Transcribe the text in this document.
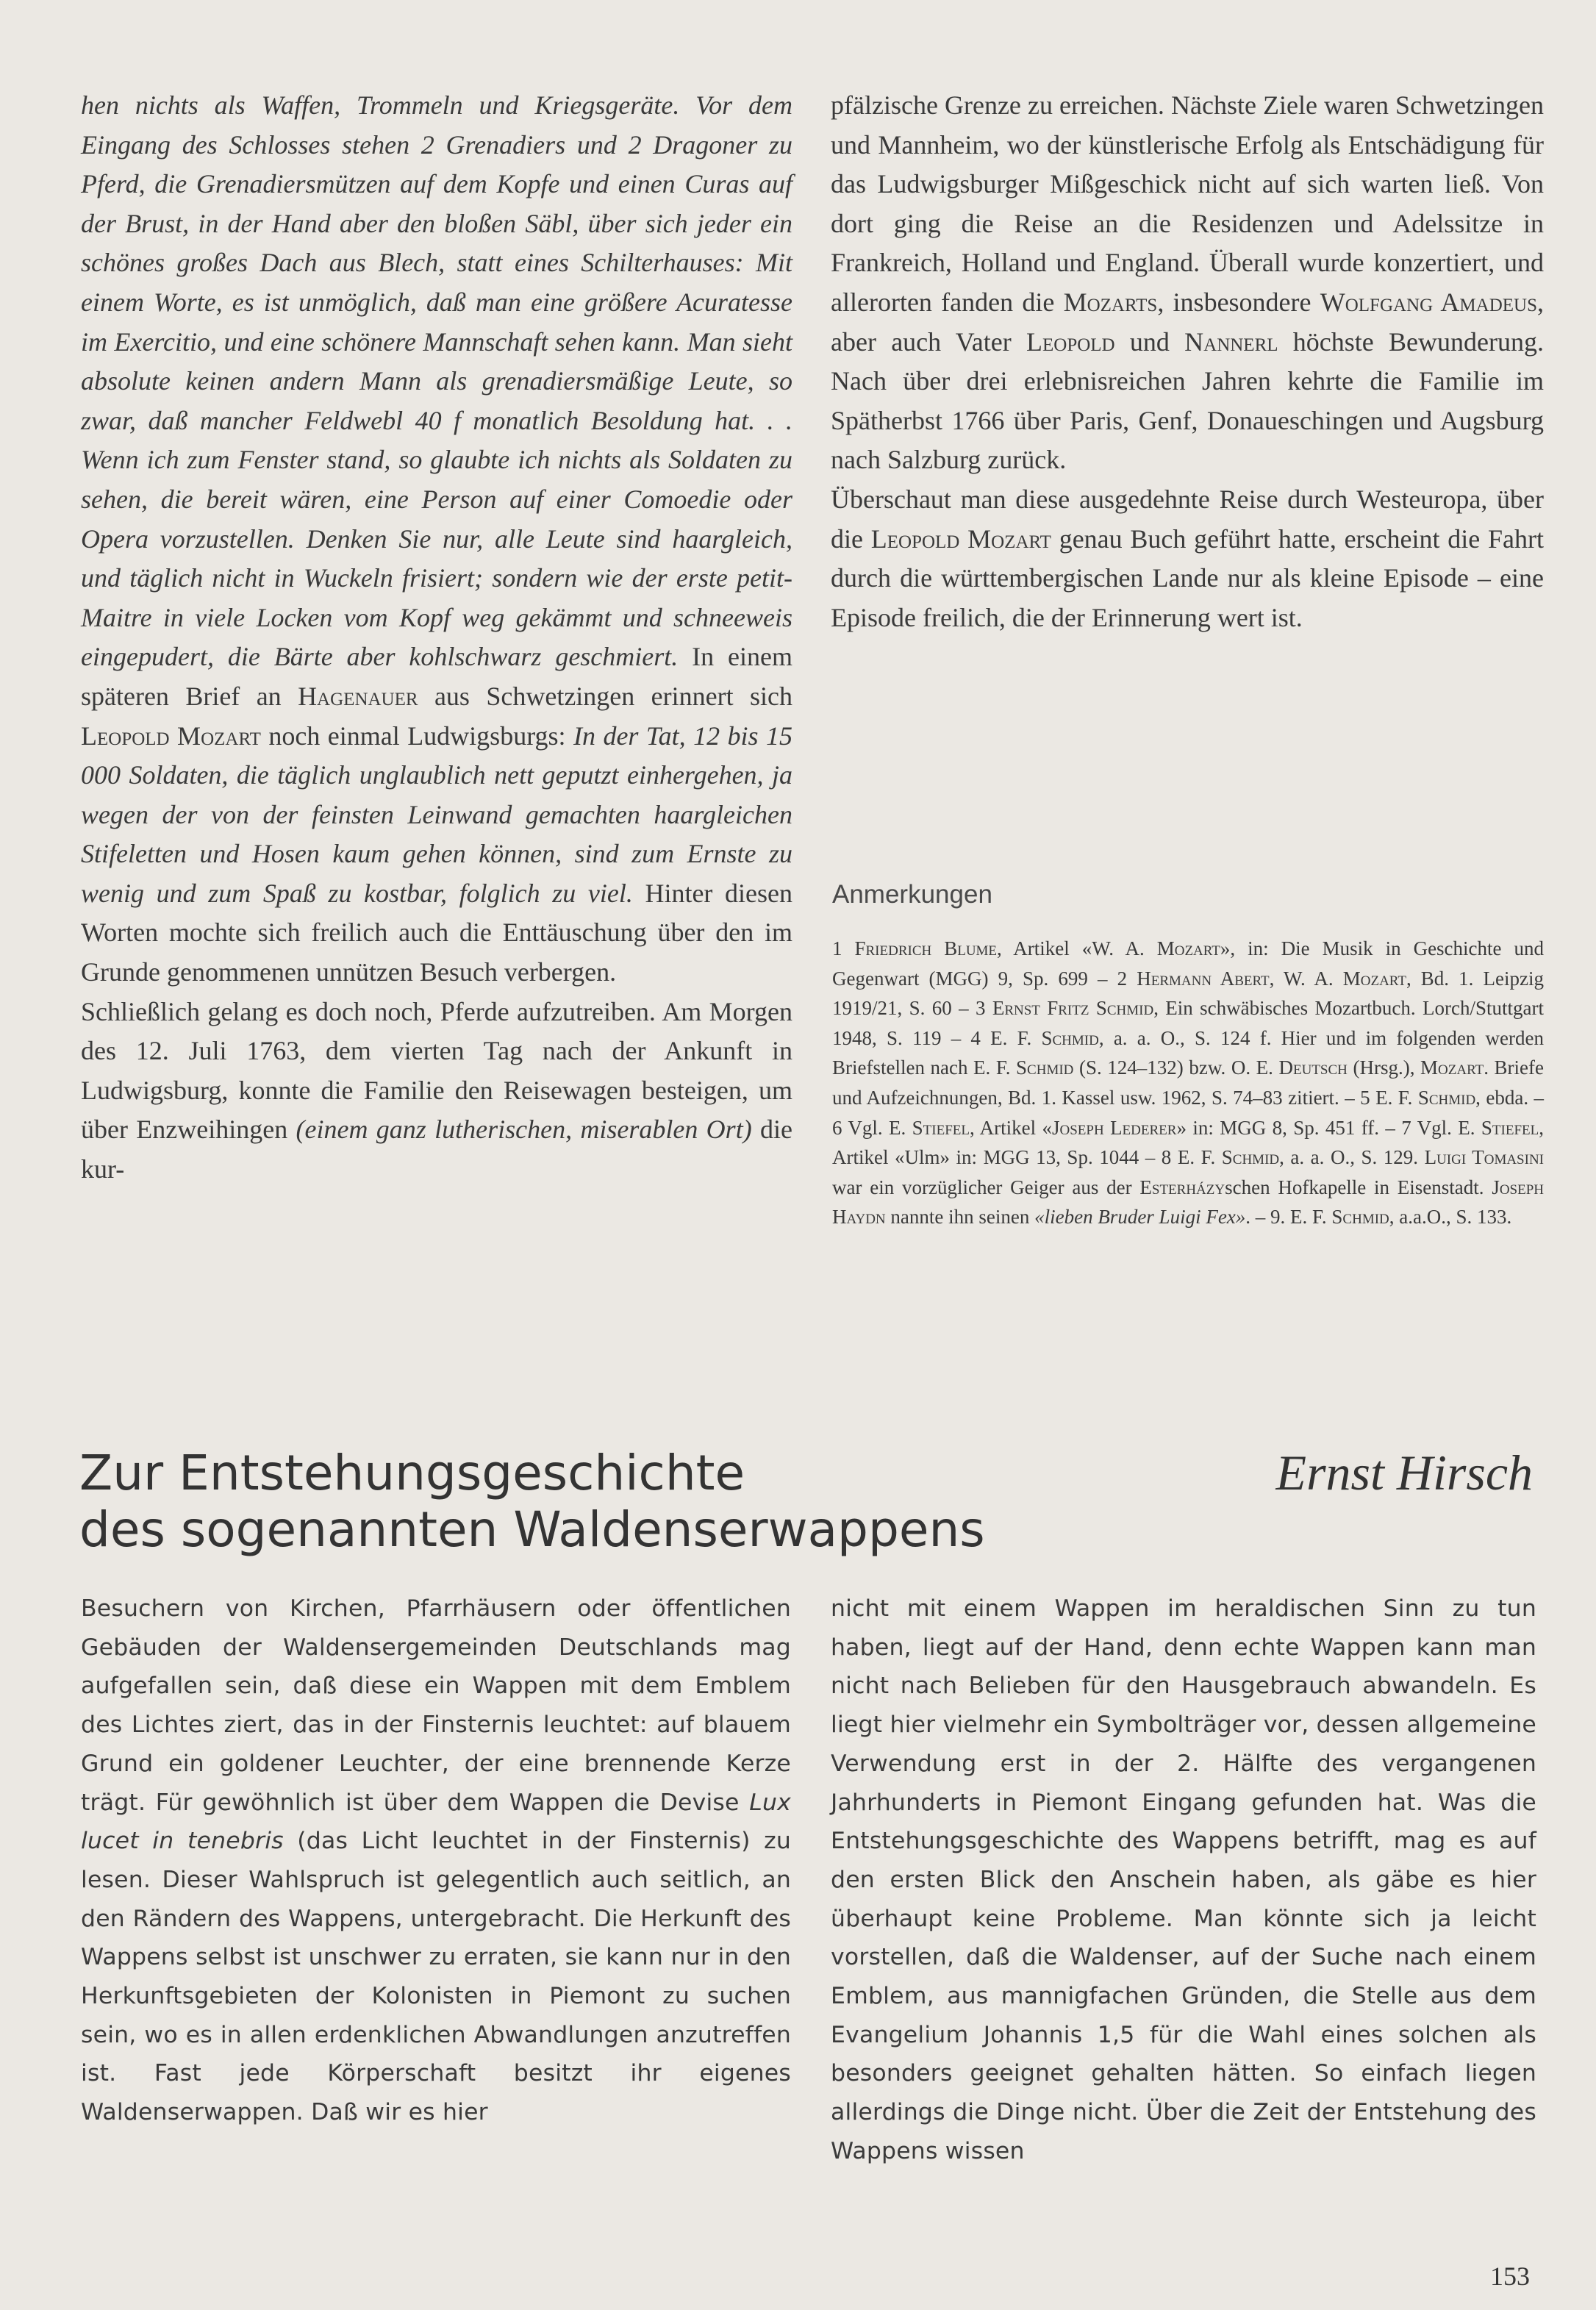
hen nichts als Waffen, Trommeln und Kriegsgeräte. Vor dem Eingang des Schlosses stehen 2 Grenadiers und 2 Dragoner zu Pferd, die Grenadiersmützen auf dem Kopfe und einen Curas auf der Brust, in der Hand aber den bloßen Säbl, über sich jeder ein schönes großes Dach aus Blech, statt eines Schilterhauses: Mit einem Worte, es ist unmöglich, daß man eine größere Acuratesse im Exercitio, und eine schönere Mannschaft sehen kann. Man sieht absolute keinen andern Mann als grenadiersmäßige Leute, so zwar, daß mancher Feldwebl 40 f monatlich Besoldung hat. . . Wenn ich zum Fenster stand, so glaubte ich nichts als Soldaten zu sehen, die bereit wären, eine Person auf einer Comoedie oder Opera vorzustellen. Denken Sie nur, alle Leute sind haargleich, und täglich nicht in Wuckeln frisiert; sondern wie der erste petit-Maitre in viele Locken vom Kopf weg gekämmt und schneeweis eingepudert, die Bärte aber kohlschwarz geschmiert. In einem späteren Brief an Hagenauer aus Schwetzingen erinnert sich Leopold Mozart noch einmal Ludwigsburgs: In der Tat, 12 bis 15 000 Soldaten, die täglich unglaublich nett geputzt einhergehen, ja wegen der von der feinsten Leinwand gemachten haargleichen Stifeletten und Hosen kaum gehen können, sind zum Ernste zu wenig und zum Spaß zu kostbar, folglich zu viel. Hinter diesen Worten mochte sich freilich auch die Enttäuschung über den im Grunde genommenen unnützen Besuch verbergen.

Schließlich gelang es doch noch, Pferde aufzutreiben. Am Morgen des 12. Juli 1763, dem vierten Tag nach der Ankunft in Ludwigsburg, konnte die Familie den Reisewagen besteigen, um über Enzweihingen (einem ganz lutherischen, miserablen Ort) die kur-

pfälzische Grenze zu erreichen. Nächste Ziele waren Schwetzingen und Mannheim, wo der künstlerische Erfolg als Entschädigung für das Ludwigsburger Mißgeschick nicht auf sich warten ließ. Von dort ging die Reise an die Residenzen und Adelssitze in Frankreich, Holland und England. Überall wurde konzertiert, und allerorten fanden die Mozarts, insbesondere Wolfgang Amadeus, aber auch Vater Leopold und Nannerl höchste Bewunderung. Nach über drei erlebnisreichen Jahren kehrte die Familie im Spätherbst 1766 über Paris, Genf, Donaueschingen und Augsburg nach Salzburg zurück.

Überschaut man diese ausgedehnte Reise durch Westeuropa, über die Leopold Mozart genau Buch geführt hatte, erscheint die Fahrt durch die württembergischen Lande nur als kleine Episode – eine Episode freilich, die der Erinnerung wert ist.

Anmerkungen
1 Friedrich Blume, Artikel «W. A. Mozart», in: Die Musik in Geschichte und Gegenwart (MGG) 9, Sp. 699 – 2 Hermann Abert, W. A. Mozart, Bd. 1. Leipzig 1919/21, S. 60 – 3 Ernst Fritz Schmid, Ein schwäbisches Mozartbuch. Lorch/Stuttgart 1948, S. 119 – 4 E. F. Schmid, a. a. O., S. 124 f. Hier und im folgenden werden Briefstellen nach E. F. Schmid (S. 124–132) bzw. O. E. Deutsch (Hrsg.), Mozart. Briefe und Aufzeichnungen, Bd. 1. Kassel usw. 1962, S. 74–83 zitiert. – 5 E. F. Schmid, ebda. – 6 Vgl. E. Stiefel, Artikel «Joseph Lederer» in: MGG 8, Sp. 451 ff. – 7 Vgl. E. Stiefel, Artikel «Ulm» in: MGG 13, Sp. 1044 – 8 E. F. Schmid, a. a. O., S. 129. Luigi Tomasini war ein vorzüglicher Geiger aus der Esterházyschen Hofkapelle in Eisenstadt. Joseph Haydn nannte ihn seinen «lieben Bruder Luigi Fex». – 9. E. F. Schmid, a.a.O., S. 133.
Zur Entstehungsgeschichte
des sogenannten Waldenserwappens
Ernst Hirsch

Besuchern von Kirchen, Pfarrhäusern oder öffentlichen Gebäuden der Waldensergemeinden Deutschlands mag aufgefallen sein, daß diese ein Wappen mit dem Emblem des Lichtes ziert, das in der Finsternis leuchtet: auf blauem Grund ein goldener Leuchter, der eine brennende Kerze trägt. Für gewöhnlich ist über dem Wappen die Devise Lux lucet in tenebris (das Licht leuchtet in der Finsternis) zu lesen. Dieser Wahlspruch ist gelegentlich auch seitlich, an den Rändern des Wappens, untergebracht. Die Herkunft des Wappens selbst ist unschwer zu erraten, sie kann nur in den Herkunftsgebieten der Kolonisten in Piemont zu suchen sein, wo es in allen erdenklichen Abwandlungen anzutreffen ist. Fast jede Körperschaft besitzt ihr eigenes Waldenserwappen. Daß wir es hier

nicht mit einem Wappen im heraldischen Sinn zu tun haben, liegt auf der Hand, denn echte Wappen kann man nicht nach Belieben für den Hausgebrauch abwandeln. Es liegt hier vielmehr ein Symbolträger vor, dessen allgemeine Verwendung erst in der 2. Hälfte des vergangenen Jahrhunderts in Piemont Eingang gefunden hat. Was die Entstehungsgeschichte des Wappens betrifft, mag es auf den ersten Blick den Anschein haben, als gäbe es hier überhaupt keine Probleme. Man könnte sich ja leicht vorstellen, daß die Waldenser, auf der Suche nach einem Emblem, aus mannigfachen Gründen, die Stelle aus dem Evangelium Johannis 1,5 für die Wahl eines solchen als besonders geeignet gehalten hätten. So einfach liegen allerdings die Dinge nicht. Über die Zeit der Entstehung des Wappens wissen

153
